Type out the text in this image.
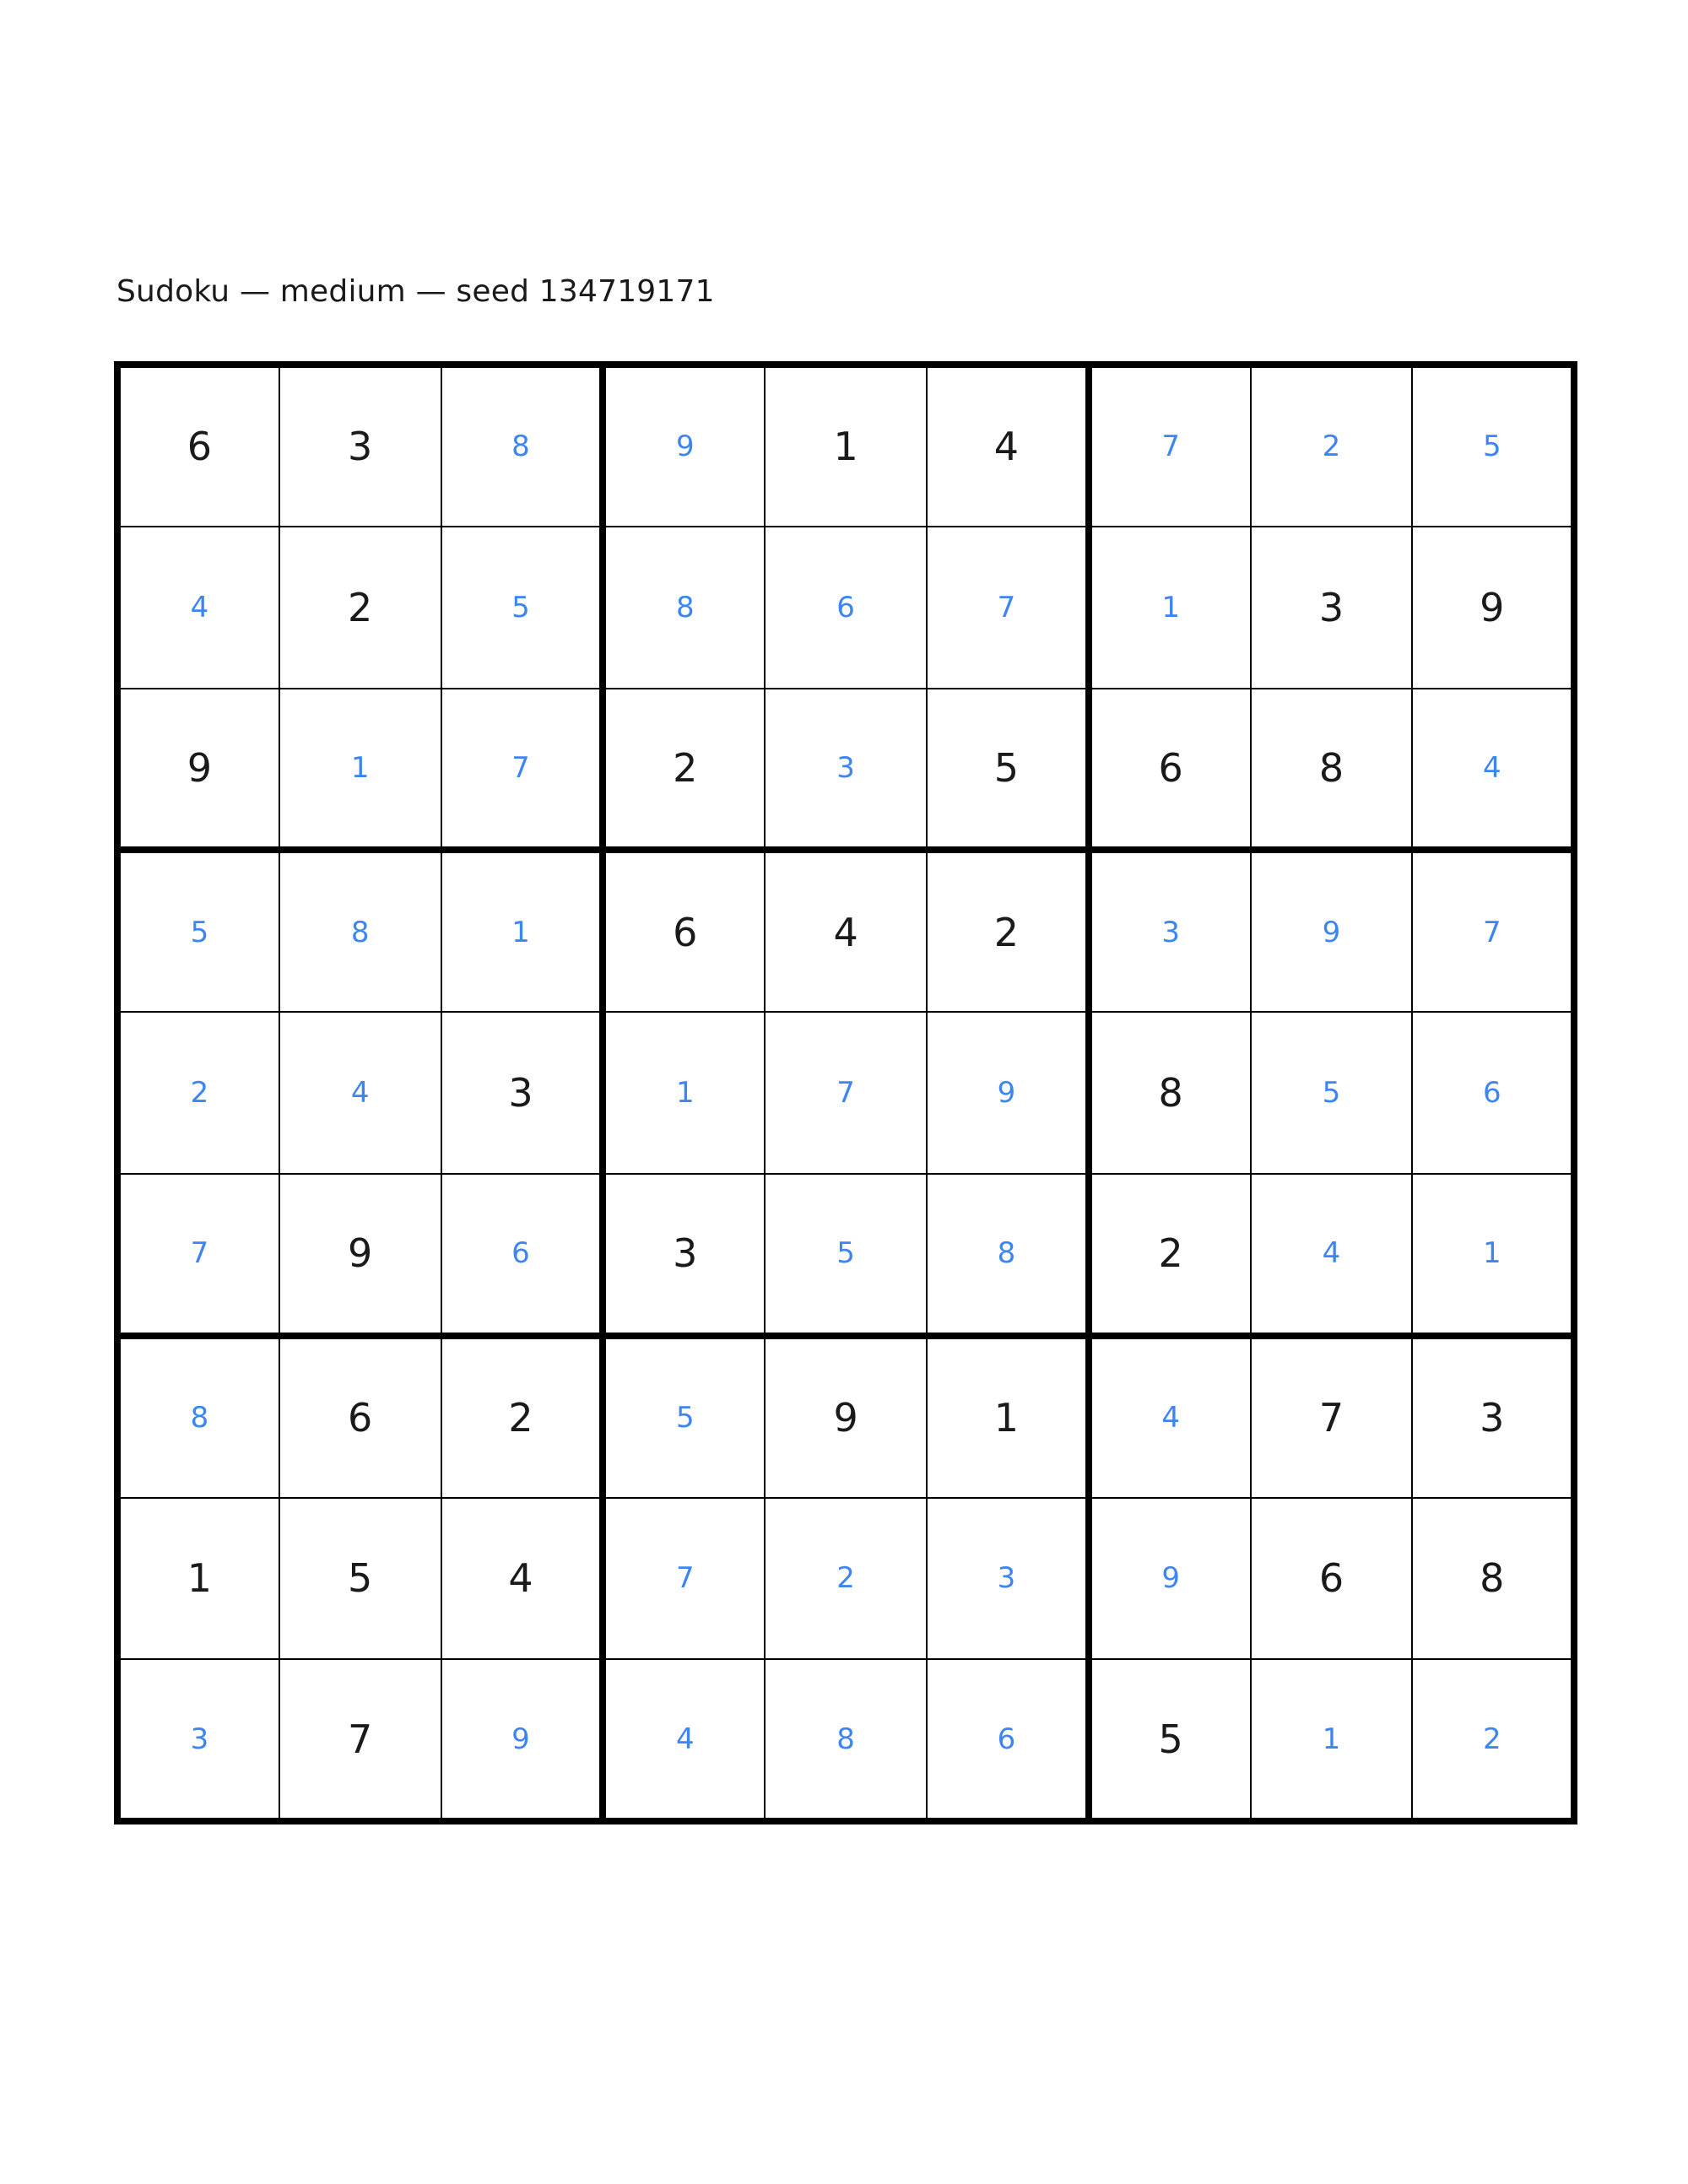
Sudoku — medium — seed 134719171
6	3	8	9	1	4	7	2	5

4	2	5	8	6	7	1	3	9

9	1	7	2	3	5	6	8	4

5	8	1	6	4	2	3	9	7

2	4	3	1	7	9	8	5	6

7	9	6	3	5	8	2	4	1

8	6	2	5	9	1	4	7	3

1	5	4	7	2	3	9	6	8

3	7	9	4	8	6	5	1	2
